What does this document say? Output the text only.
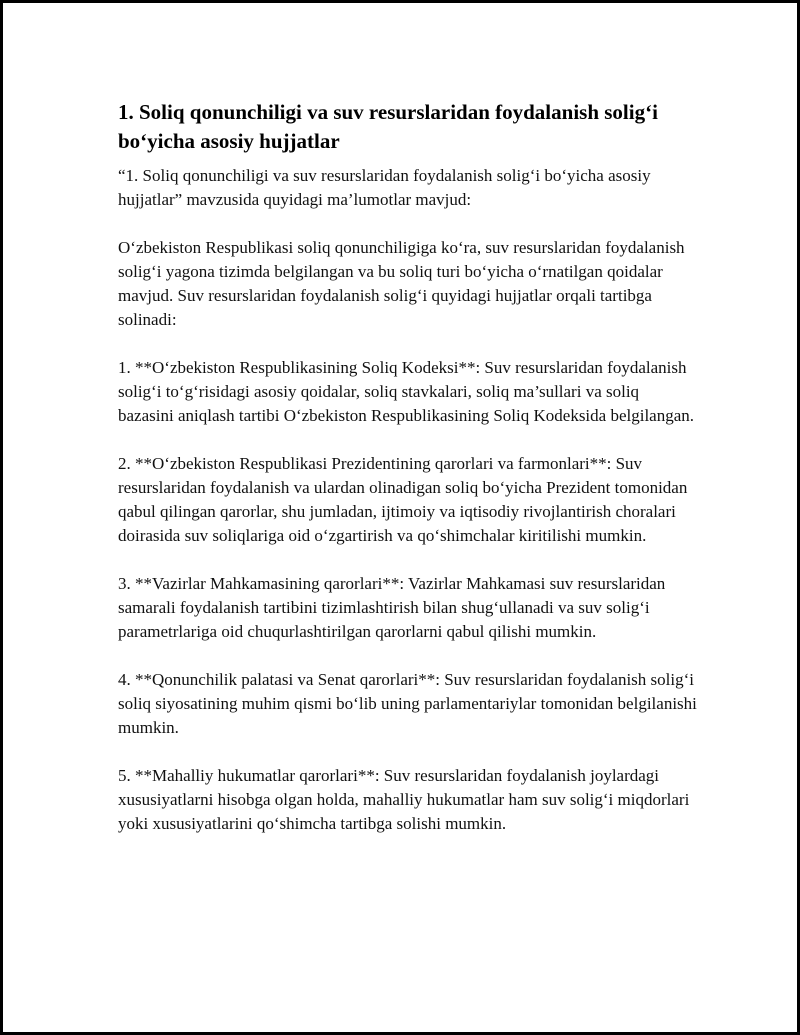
1. Soliq qonunchiligi va suv resurslaridan foydalanish solig‘i bo‘yicha asosiy hujjatlar
“1. Soliq qonunchiligi va suv resurslaridan foydalanish solig‘i bo‘yicha asosiy hujjatlar” mavzusida quyidagi ma’lumotlar mavjud:

O‘zbekiston Respublikasi soliq qonunchiligiga ko‘ra, suv resurslaridan foydalanish solig‘i yagona tizimda belgilangan va bu soliq turi bo‘yicha o‘rnatilgan qoidalar mavjud. Suv resurslaridan foydalanish solig‘i quyidagi hujjatlar orqali tartibga solinadi:

1. **O‘zbekiston Respublikasining Soliq Kodeksi**: Suv resurslaridan foydalanish solig‘i to‘g‘risidagi asosiy qoidalar, soliq stavkalari, soliq ma’sullari va soliq bazasini aniqlash tartibi O‘zbekiston Respublikasining Soliq Kodeksida belgilangan.

2. **O‘zbekiston Respublikasi Prezidentining qarorlari va farmonlari**: Suv resurslaridan foydalanish va ulardan olinadigan soliq bo‘yicha Prezident tomonidan qabul qilingan qarorlar, shu jumladan, ijtimoiy va iqtisodiy rivojlantirish choralari doirasida suv soliqlariga oid o‘zgartirish va qo‘shimchalar kiritilishi mumkin.

3. **Vazirlar Mahkamasining qarorlari**: Vazirlar Mahkamasi suv resurslaridan samarali foydalanish tartibini tizimlashtirish bilan shug‘ullanadi va suv solig‘i parametrlariga oid chuqurlashtirilgan qarorlarni qabul qilishi mumkin.

4. **Qonunchilik palatasi va Senat qarorlari**: Suv resurslaridan foydalanish solig‘i soliq siyosatining muhim qismi bo‘lib uning parlamentariylar tomonidan belgilanishi mumkin.

5. **Mahalliy hukumatlar qarorlari**: Suv resurslaridan foydalanish joylardagi xususiyatlarni hisobga olgan holda, mahalliy hukumatlar ham suv solig‘i miqdorlari yoki xususiyatlarini qo‘shimcha tartibga solishi mumkin.
